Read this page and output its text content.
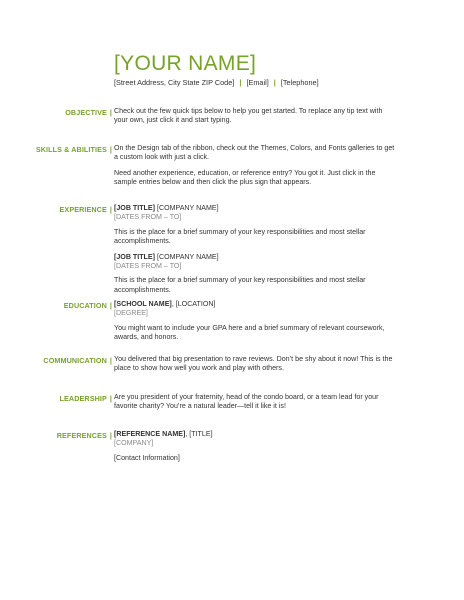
[YOUR NAME]
[Street Address, City State ZIP Code] | [Email] | [Telephone]
OBJECTIVE | Check out the few quick tips below to help you get started. To replace any tip text with your own, just click it and start typing.

SKILLS & ABILITIES | On the Design tab of the ribbon, check out the Themes, Colors, and Fonts galleries to get a custom look with just a click.

Need another experience, education, or reference entry? You got it. Just click in the sample entries below and then click the plus sign that appears.

EXPERIENCE | [JOB TITLE] [COMPANY NAME]
[DATES FROM – TO]
This is the place for a brief summary of your key responsibilities and most stellar accomplishments.
[JOB TITLE] [COMPANY NAME]
[DATES FROM – TO]
This is the place for a brief summary of your key responsibilities and most stellar accomplishments.
EDUCATION | [SCHOOL NAME], [LOCATION]
[DEGREE]
You might want to include your GPA here and a brief summary of relevant coursework, awards, and honors.
COMMUNICATION | You delivered that big presentation to rave reviews. Don’t be shy about it now! This is the place to show how well you work and play with others.

LEADERSHIP | Are you president of your fraternity, head of the condo board, or a team lead for your favorite charity? You’re a natural leader—tell it like it is!

REFERENCES | [REFERENCE NAME], [TITLE]
[COMPANY]
[Contact Information]
